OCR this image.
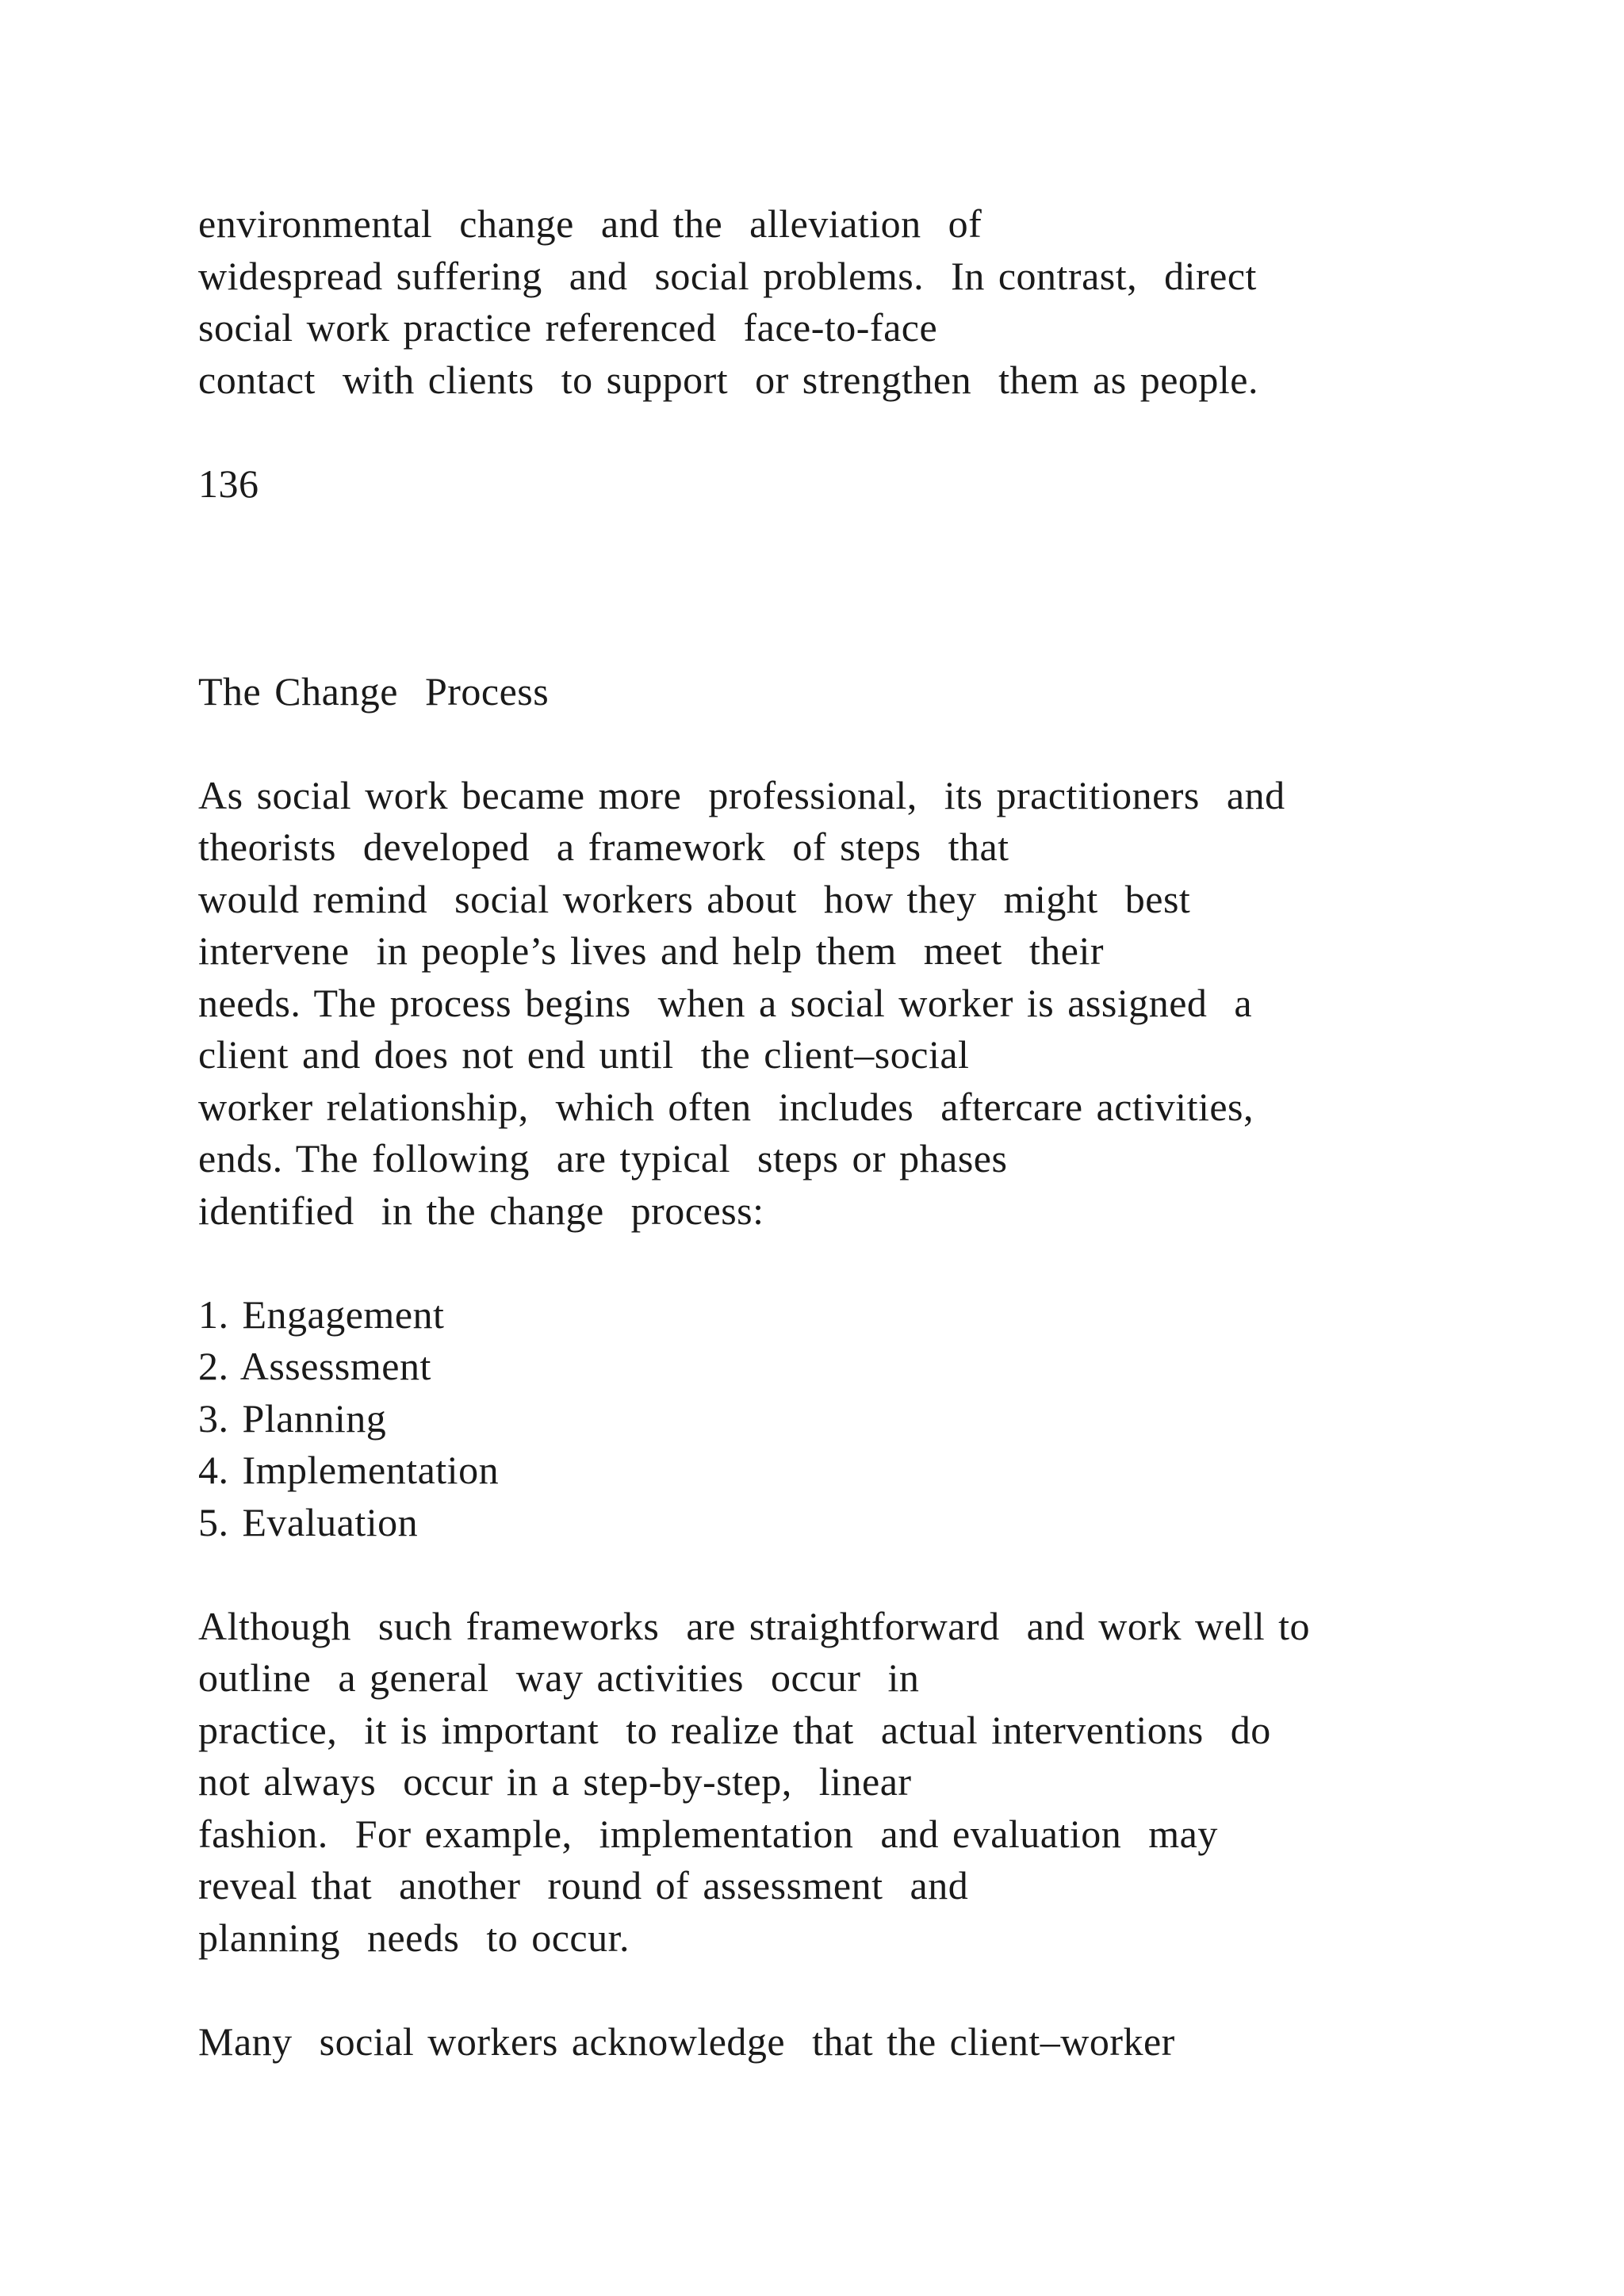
environmental  change  and the  alleviation  of
widespread suffering  and  social problems.  In contrast,  direct
social work practice referenced  face-to-face
contact  with clients  to support  or strengthen  them as people.
136
The Change  Process
As social work became more  professional,  its practitioners  and
theorists  developed  a framework  of steps  that
would remind  social workers about  how they  might  best
intervene  in people’s lives and help them  meet  their
needs. The process begins  when a social worker is assigned  a
client and does not end until  the client–social
worker relationship,  which often  includes  aftercare activities,
ends. The following  are typical  steps or phases
identified  in the change  process:
1. Engagement
2. Assessment
3. Planning
4. Implementation
5. Evaluation
Although  such frameworks  are straightforward  and work well to
outline  a general  way activities  occur  in
practice,  it is important  to realize that  actual interventions  do
not always  occur in a step-by-step,  linear
fashion.  For example,  implementation  and evaluation  may
reveal that  another  round of assessment  and
planning  needs  to occur.
Many  social workers acknowledge  that the client–worker
